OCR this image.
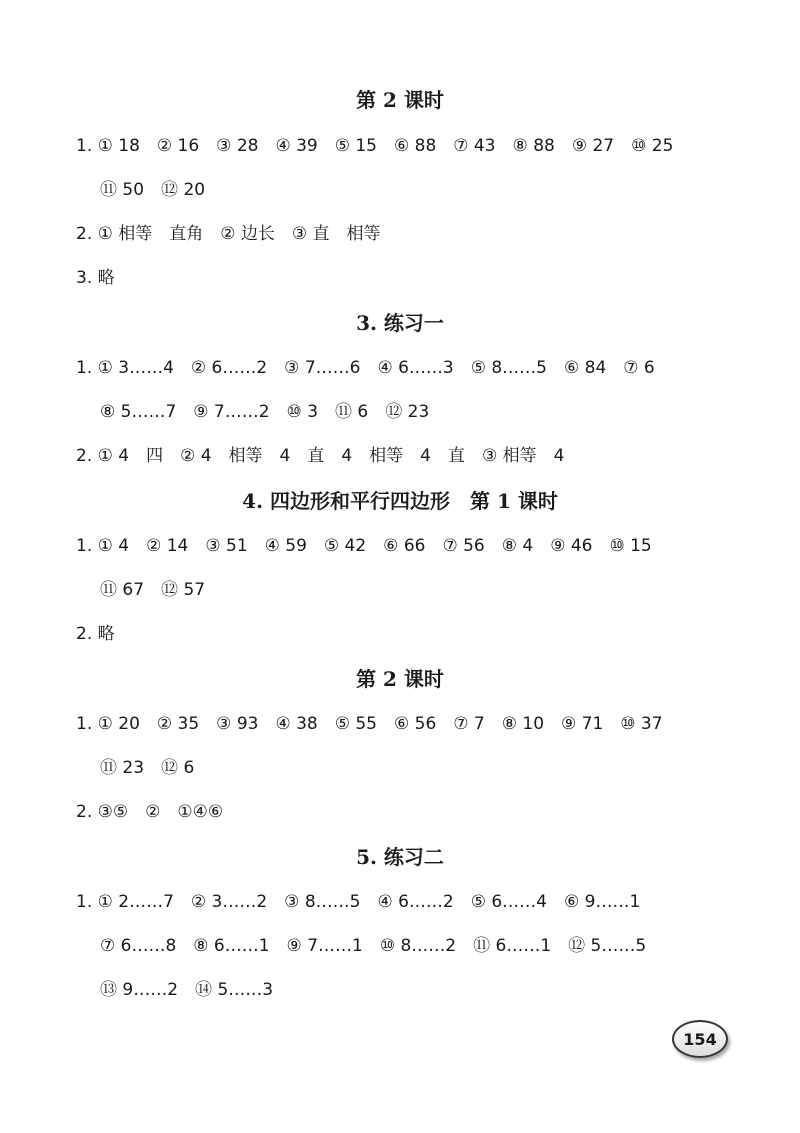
第 2 课时

1. ① 18　② 16　③ 28　④ 39　⑤ 15　⑥ 88　⑦ 43　⑧ 88　⑨ 27　⑩ 25

⑪ 50　⑫ 20

2. ① 相等　直角　② 边长　③ 直　相等

3. 略

3. 练习一

1. ① 3……4　② 6……2　③ 7……6　④ 6……3　⑤ 8……5　⑥ 84　⑦ 6

⑧ 5……7　⑨ 7……2　⑩ 3　⑪ 6　⑫ 23

2. ① 4　四　② 4　相等　4　直　4　相等　4　直　③ 相等　4

4. 四边形和平行四边形　第 1 课时

1. ① 4　② 14　③ 51　④ 59　⑤ 42　⑥ 66　⑦ 56　⑧ 4　⑨ 46　⑩ 15

⑪ 67　⑫ 57

2. 略

第 2 课时

1. ① 20　② 35　③ 93　④ 38　⑤ 55　⑥ 56　⑦ 7　⑧ 10　⑨ 71　⑩ 37

⑪ 23　⑫ 6

2. ③⑤　②　①④⑥

5. 练习二

1. ① 2……7　② 3……2　③ 8……5　④ 6……2　⑤ 6……4　⑥ 9……1

⑦ 6……8　⑧ 6……1　⑨ 7……1　⑩ 8……2　⑪ 6……1　⑫ 5……5

⑬ 9……2　⑭ 5……3

154
